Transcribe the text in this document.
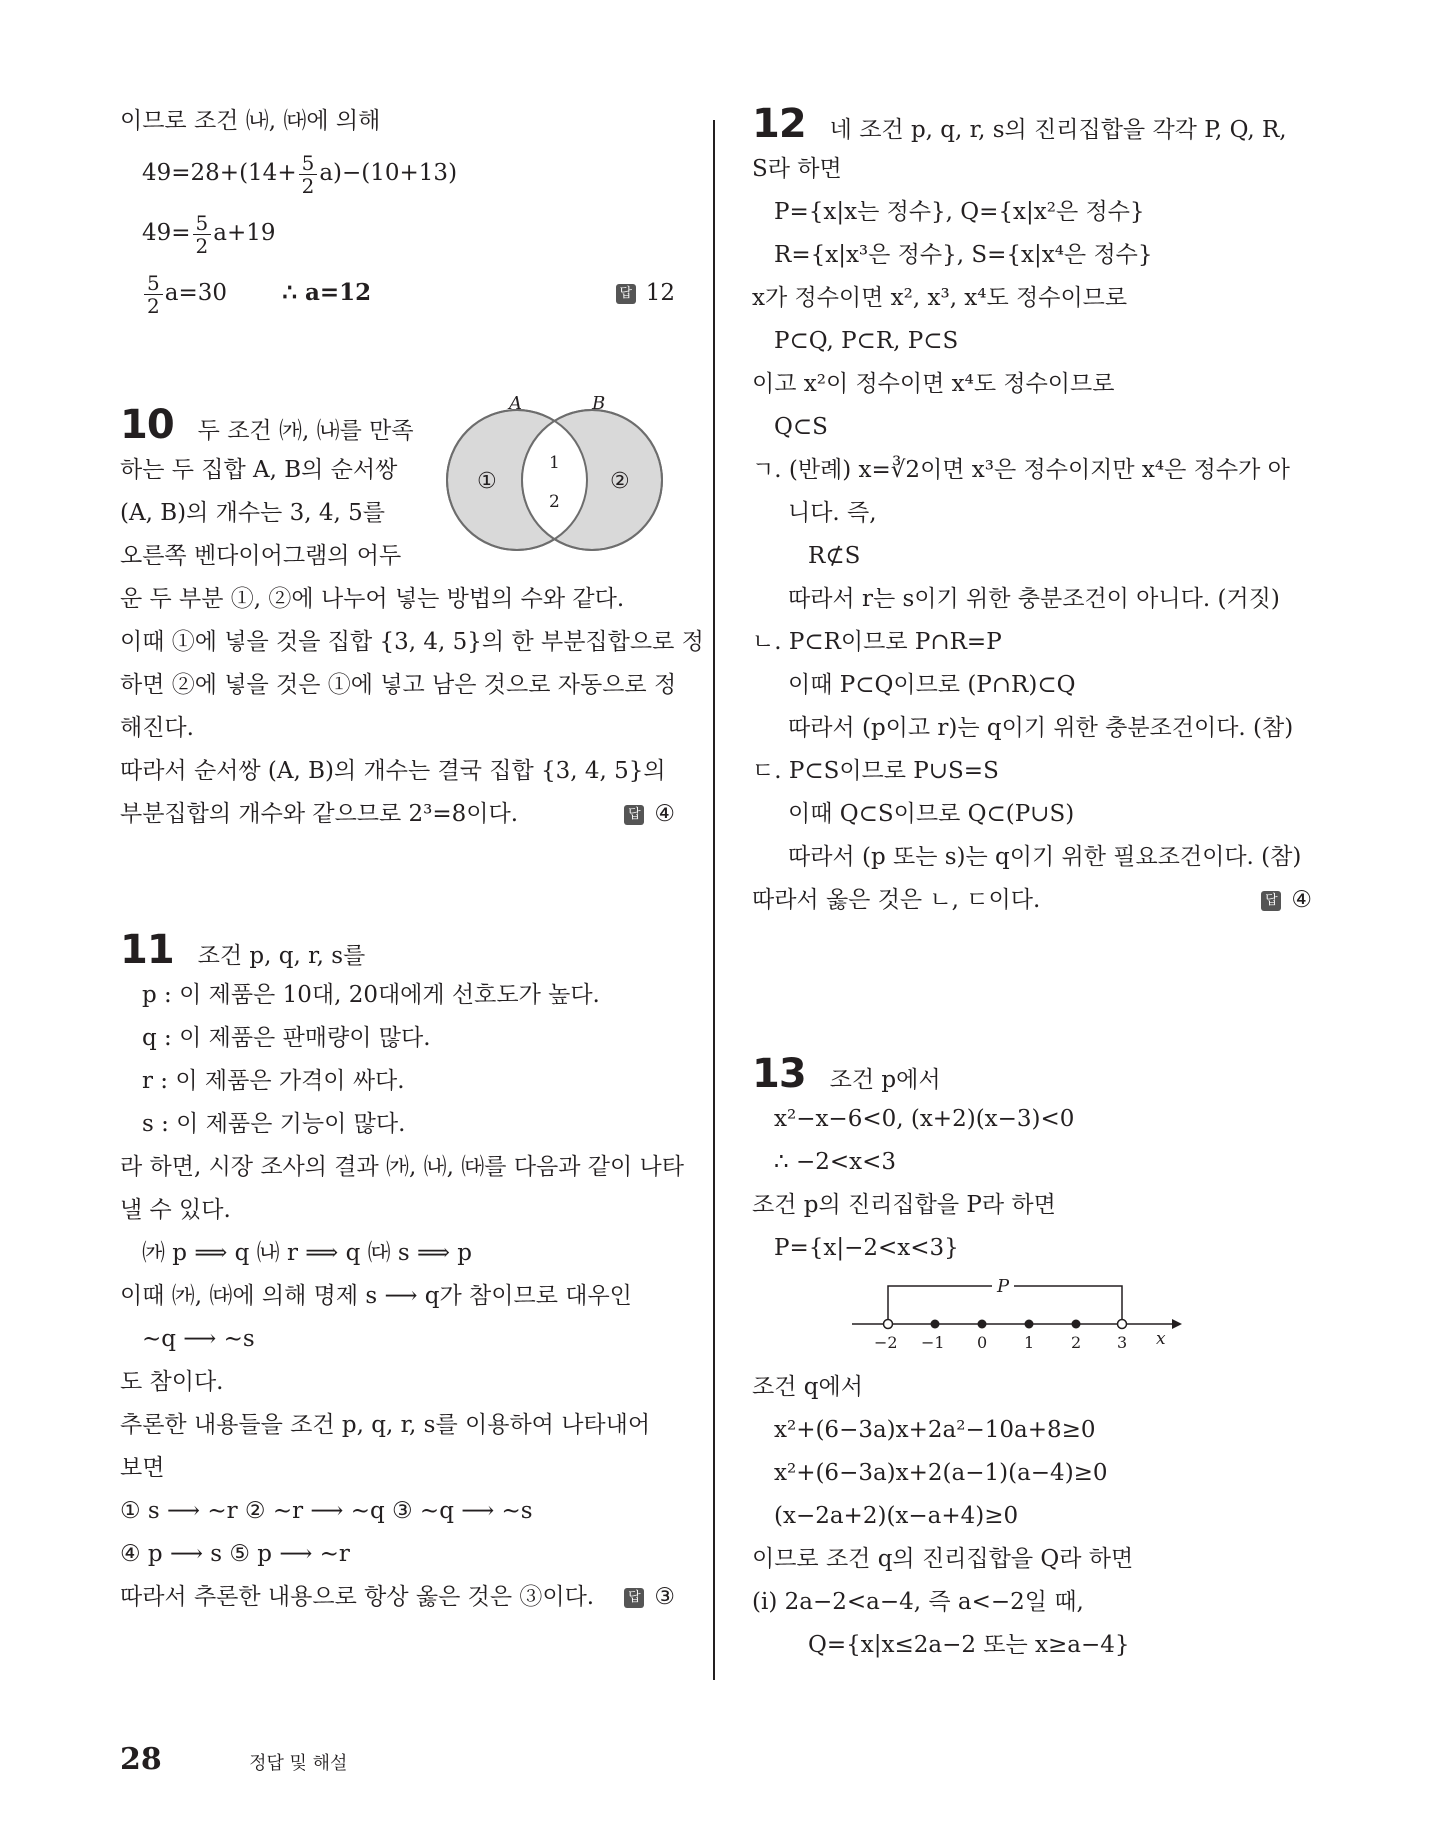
이므로 조건 ㈏, ㈐에 의해
$49=28+(14+ \frac{5}{2} a)-(10+13)$
$49= \frac{5}{2} a+19$
$\frac{5}{2} a=30$ ∴ a=12	답 12
10 두 조건 ㈎, ㈏를 만족
하는 두 집합 A, B의 순서쌍
(A, B)의 개수는 3, 4, 5를
오른쪽 벤다이어그램의 어두
운 두 부분 ①, ②에 나누어 넣는 방법의 수와 같다.
이때 ①에 넣을 것을 집합 {3, 4, 5}의 한 부분집합으로 정
하면 ②에 넣을 것은 ①에 넣고 남은 것으로 자동으로 정
해진다.
따라서 순서쌍 (A, B)의 개수는 결국 집합 {3, 4, 5}의
부분집합의 개수와 같으므로 2³=8이다.	답 ④
A	B
①	②
1
2
11 조건 p, q, r, s를
p : 이 제품은 10대, 20대에게 선호도가 높다.
q : 이 제품은 판매량이 많다.
r : 이 제품은 가격이 싸다.
s : 이 제품은 기능이 많다.
라 하면, 시장 조사의 결과 ㈎, ㈏, ㈐를 다음과 같이 나타
낼 수 있다.
㈎ p ⟹ q ㈏ r ⟹ q ㈐ s ⟹ p
이때 ㈎, ㈐에 의해 명제 s ⟶ q가 참이므로 대우인
∼q ⟶ ∼s
도 참이다.
추론한 내용들을 조건 p, q, r, s를 이용하여 나타내어
보면
① s ⟶ ∼r ② ∼r ⟶ ∼q ③ ∼q ⟶ ∼s
④ p ⟶ s ⑤ p ⟶ ∼r
따라서 추론한 내용으로 항상 옳은 것은 ③이다.	답 ③
12 네 조건 p, q, r, s의 진리집합을 각각 P, Q, R,
S라 하면
P={x|x는 정수}, Q={x|x²은 정수}
R={x|x³은 정수}, S={x|x⁴은 정수}
x가 정수이면 x², x³, x⁴도 정수이므로
P⊂Q, P⊂R, P⊂S
이고 x²이 정수이면 x⁴도 정수이므로
Q⊂S
ㄱ. (반례) x=∛2이면 x³은 정수이지만 x⁴은 정수가 아
니다. 즉,
R⊄S
따라서 r는 s이기 위한 충분조건이 아니다. (거짓)
ㄴ. P⊂R이므로 P∩R=P
이때 P⊂Q이므로 (P∩R)⊂Q
따라서 (p이고 r)는 q이기 위한 충분조건이다. (참)
ㄷ. P⊂S이므로 P∪S=S
이때 Q⊂S이므로 Q⊂(P∪S)
따라서 (p 또는 s)는 q이기 위한 필요조건이다. (참)
따라서 옳은 것은 ㄴ, ㄷ이다.	답 ④
13 조건 p에서
x²−x−6<0, (x+2)(x−3)<0
∴ −2<x<3
조건 p의 진리집합을 P라 하면
P={x|−2<x<3}
P
−2 −1 0 1 2 3 x
조건 q에서
x²+(6−3a)x+2a²−10a+8≥0
x²+(6−3a)x+2(a−1)(a−4)≥0
(x−2a+2)(x−a+4)≥0
이므로 조건 q의 진리집합을 Q라 하면
(i) 2a−2<a−4, 즉 a<−2일 때,
Q={x|x≤2a−2 또는 x≥a−4}
28	정답 및 해설
